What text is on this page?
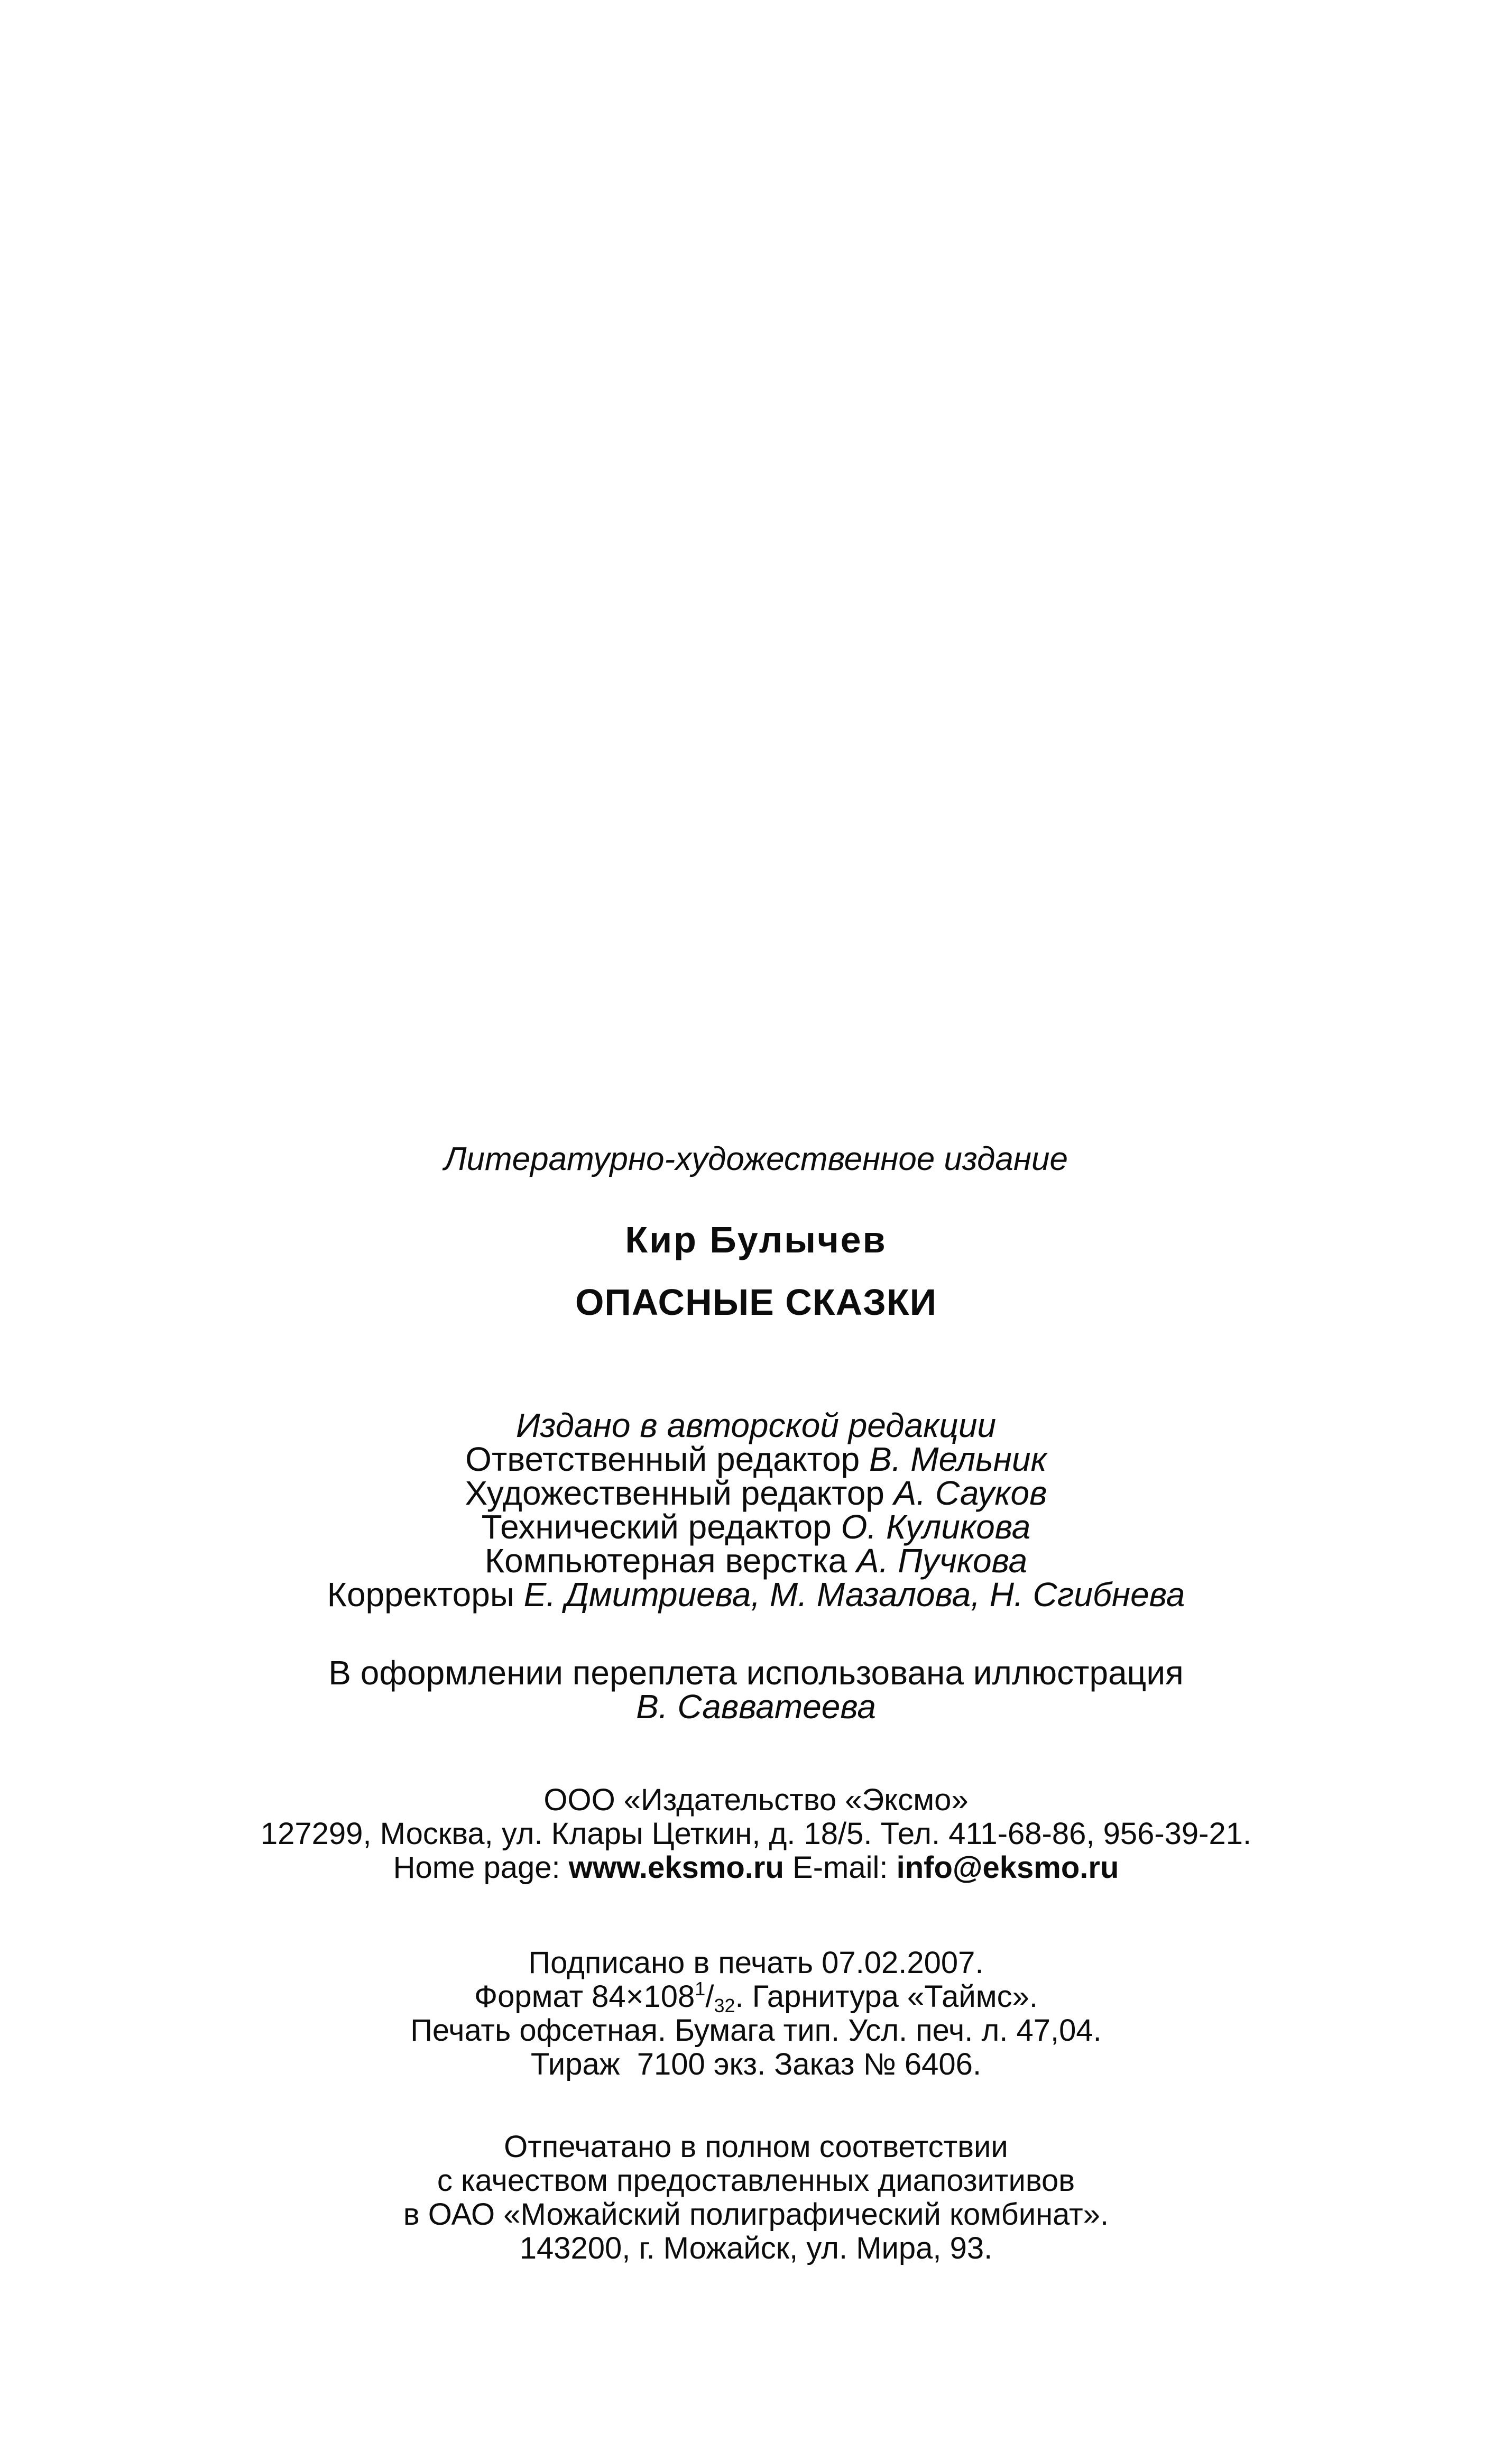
Литературно-художественное издание
Кир Булычев
ОПАСНЫЕ СКАЗКИ
Издано в авторской редакции
Ответственный редактор В. Мельник
Художественный редактор А. Сауков
Технический редактор О. Куликова
Компьютерная верстка А. Пучкова
Корректоры Е. Дмитриева, М. Мазалова, Н. Сгибнева
В оформлении переплета использована иллюстрация
В. Савватеева
ООО «Издательство «Эксмо»
127299, Москва, ул. Клары Цеткин, д. 18/5. Тел. 411-68-86, 956-39-21.
Home page: www.eksmo.ru E-mail: info@eksmo.ru
Подписано в печать 07.02.2007.
Формат $84\times 108^1/_{32}$. Гарнитура «Таймс».
Печать офсетная. Бумага тип. Усл. печ. л. 47,04.
Тираж  7100 экз. Заказ № 6406.
Отпечатано в полном соответствии
с качеством предоставленных диапозитивов
в ОАО «Можайский полиграфический комбинат».
143200, г. Можайск, ул. Мира, 93.
